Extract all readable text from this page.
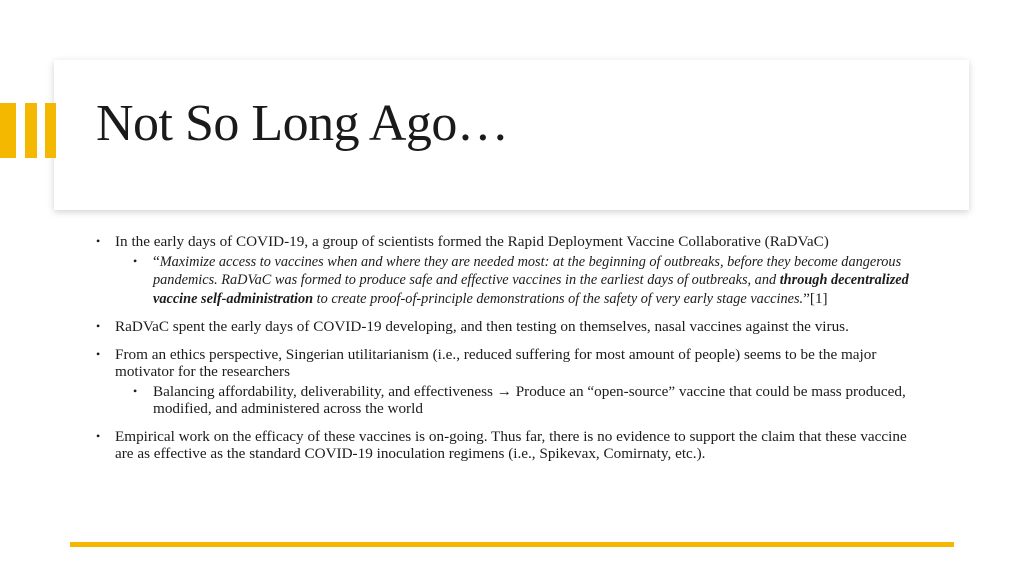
Not So Long Ago…
• In the early days of COVID-19, a group of scientists formed the Rapid Deployment Vaccine Collaborative (RaDVaC)
• “Maximize access to vaccines when and where they are needed most: at the beginning of outbreaks, before they become dangerous pandemics. RaDVaC was formed to produce safe and effective vaccines in the earliest days of outbreaks, and through decentralized vaccine self-administration to create proof-of-principle demonstrations of the safety of very early stage vaccines.”[1]
• RaDVaC spent the early days of COVID-19 developing, and then testing on themselves, nasal vaccines against the virus.
• From an ethics perspective, Singerian utilitarianism (i.e., reduced suffering for most amount of people) seems to be the major motivator for the researchers
• Balancing affordability, deliverability, and effectiveness → Produce an “open-source” vaccine that could be mass produced, modified, and administered across the world
• Empirical work on the efficacy of these vaccines is on-going. Thus far, there is no evidence to support the claim that these vaccine are as effective as the standard COVID-19 inoculation regimens (i.e., Spikevax, Comirnaty, etc.).
